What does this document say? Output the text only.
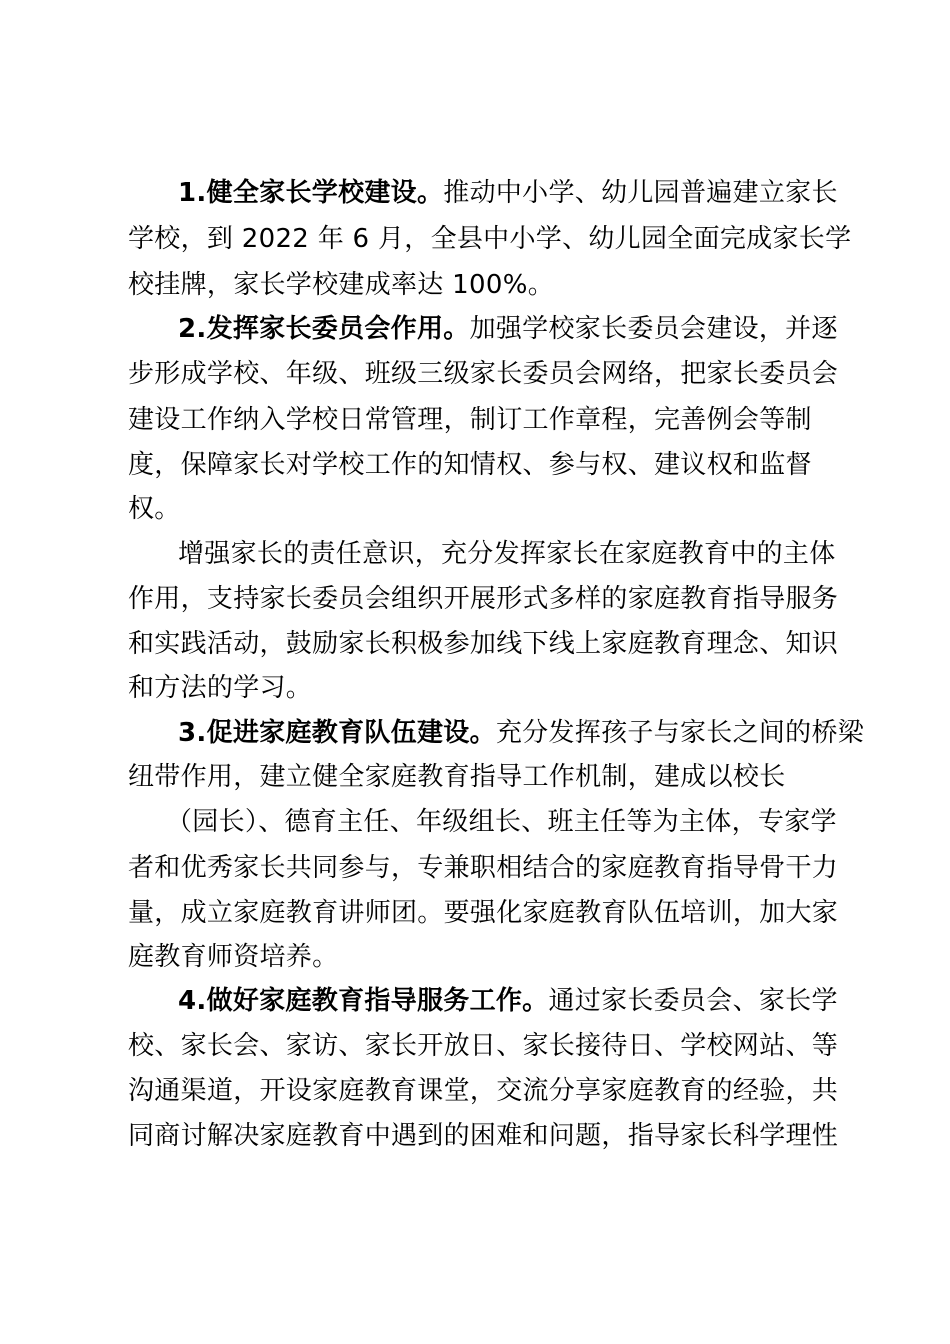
1.健全家长学校建设。推动中小学、幼儿园普遍建立家长
学校，到 2022 年 6 月，全县中小学、幼儿园全面完成家长学
校挂牌，家长学校建成率达 100%。
2.发挥家长委员会作用。加强学校家长委员会建设，并逐
步形成学校、年级、班级三级家长委员会网络，把家长委员会
建设工作纳入学校日常管理，制订工作章程，完善例会等制
度，保障家长对学校工作的知情权、参与权、建议权和监督
权。
增强家长的责任意识，充分发挥家长在家庭教育中的主体
作用，支持家长委员会组织开展形式多样的家庭教育指导服务
和实践活动，鼓励家长积极参加线下线上家庭教育理念、知识
和方法的学习。
3.促进家庭教育队伍建设。充分发挥孩子与家长之间的桥梁
纽带作用，建立健全家庭教育指导工作机制，建成以校长
（园长）、德育主任、年级组长、班主任等为主体，专家学
者和优秀家长共同参与，专兼职相结合的家庭教育指导骨干力
量，成立家庭教育讲师团。要强化家庭教育队伍培训，加大家
庭教育师资培养。
4.做好家庭教育指导服务工作。通过家长委员会、家长学
校、家长会、家访、家长开放日、家长接待日、学校网站、等
沟通渠道，开设家庭教育课堂，交流分享家庭教育的经验，共
同商讨解决家庭教育中遇到的困难和问题，指导家长科学理性
